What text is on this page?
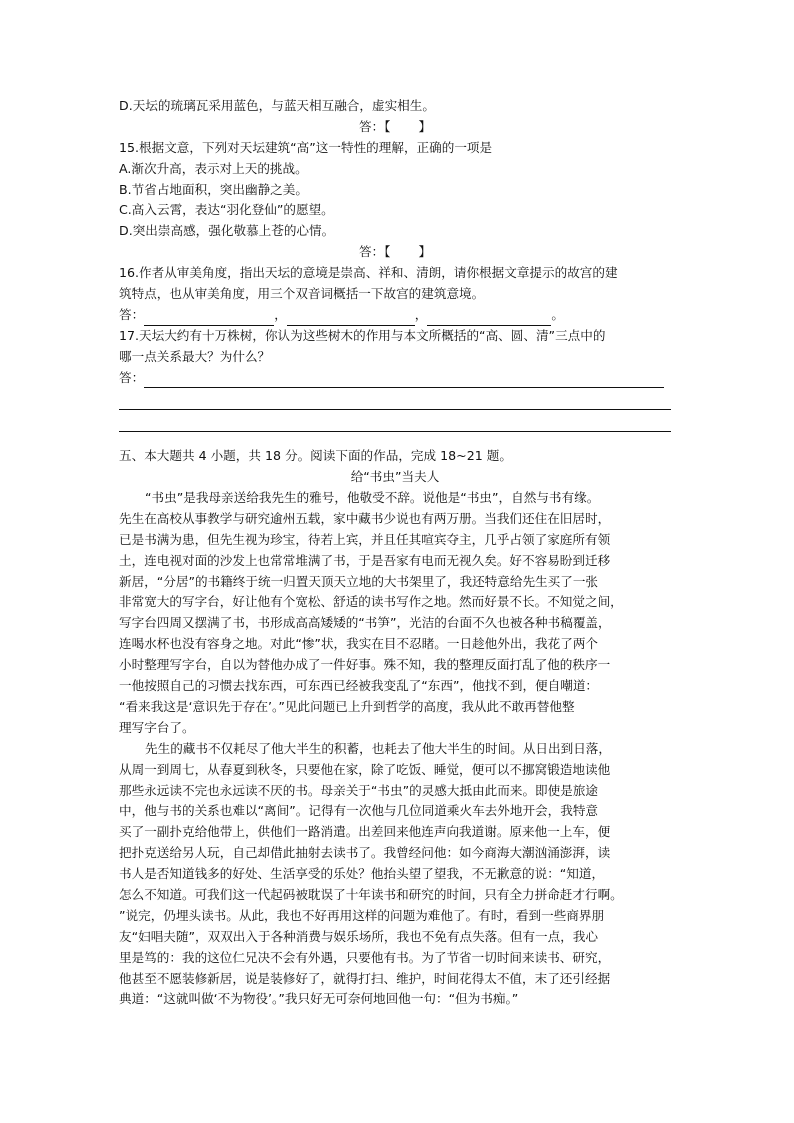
D.天坛的琉璃瓦采用蓝色，与蓝天相互融合，虚实相生。
答：【 】
15.根据文意，下列对天坛建筑“高”这一特性的理解，正确的一项是
A.渐次升高，表示对上天的挑战。
B.节省占地面积，突出幽静之美。
C.高入云霄，表达“羽化登仙”的愿望。
D.突出崇高感，强化敬慕上苍的心情。
答：【 】
16.作者从审美角度，指出天坛的意境是崇高、祥和、清朗，请你根据文章提示的故宫的建
筑特点，也从审美角度，用三个双音词概括一下故宫的建筑意境。
答：	，	，	。
17.天坛大约有十万株树，你认为这些树木的作用与本文所概括的“高、圆、清”三点中的
哪一点关系最大？为什么？
答：
五、本大题共 4 小题，共 18 分。阅读下面的作品，完成 18~21 题。
给“书虫”当夫人
“书虫”是我母亲送给我先生的雅号，他敬受不辞。说他是“书虫”，自然与书有缘。
先生在高校从事教学与研究逾州五载，家中藏书少说也有两万册。当我们还住在旧居时，
已是书满为患，但先生视为珍宝，待若上宾，并且任其喧宾夺主，几乎占领了家庭所有领
土，连电视对面的沙发上也常常堆满了书，于是吾家有电而无视久矣。好不容易盼到迁移
新居，“分居”的书籍终于统一归置天顶天立地的大书架里了，我还特意给先生买了一张
非常宽大的写字台，好让他有个宽松、舒适的读书写作之地。然而好景不长。不知觉之间，
写字台四周又摆满了书，书形成高高矮矮的“书笋”，光洁的台面不久也被各种书稿覆盖，
连喝水杯也没有容身之地。对此“惨”状，我实在目不忍睹。一日趁他外出，我花了两个
小时整理写字台，自以为替他办成了一件好事。殊不知，我的整理反面打乱了他的秩序一
一他按照自己的习惯去找东西，可东西已经被我变乱了“东西”，他找不到，便自嘲道：
“看来我这是‘意识先于存在’。”见此问题已上升到哲学的高度，我从此不敢再替他整
理写字台了。
先生的藏书不仅耗尽了他大半生的积蓄，也耗去了他大半生的时间。从日出到日落，
从周一到周七，从春夏到秋冬，只要他在家，除了吃饭、睡觉，便可以不挪窝锻造地读他
那些永远读不完也永远读不厌的书。母亲关于“书虫”的灵感大抵由此而来。即使是旅途
中，他与书的关系也难以“离间”。记得有一次他与几位同道乘火车去外地开会，我特意
买了一副扑克给他带上，供他们一路消遣。出差回来他连声向我道谢。原来他一上车，便
把扑克送给另人玩，自己却借此抽射去读书了。我曾经问他：如今商海大潮汹涌澎湃，读
书人是否知道钱多的好处、生活享受的乐处？他抬头望了望我，不无歉意的说：“知道，
怎么不知道。可我们这一代起码被耽误了十年读书和研究的时间，只有全力拼命赶才行啊。
”说完，仍埋头读书。从此，我也不好再用这样的问题为难他了。有时，看到一些商界朋
友“妇唱夫随”，双双出入于各种消费与娱乐场所，我也不免有点失落。但有一点，我心
里是笃的：我的这位仁兄决不会有外遇，只要他有书。为了节省一切时间来读书、研究，
他甚至不愿装修新居，说是装修好了，就得打扫、维护，时间花得太不值，末了还引经据
典道：“这就叫做‘不为物役’。”我只好无可奈何地回他一句：“但为书痴。”
